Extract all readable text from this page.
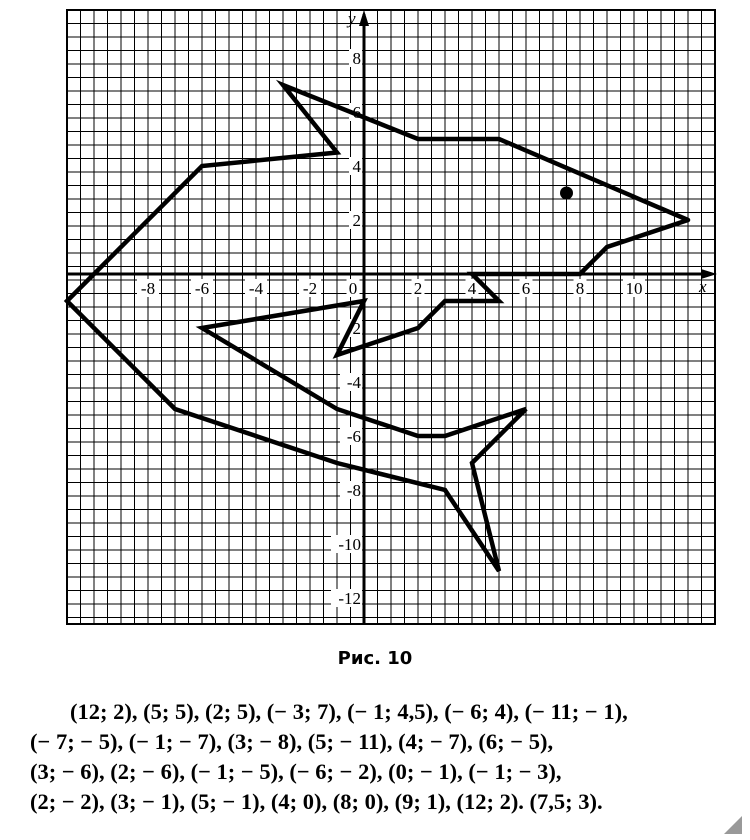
-8 -6 -4 -2 0	2	4	6	8 10
8
6
4
2
-2
-4
-6
-8
-10
-12
x
y
Рис. 10
(12; 2), (5; 5), (2; 5), (− 3; 7), (− 1; 4,5), (− 6; 4), (− 11; − 1),
(− 7; − 5), (− 1; − 7), (3; − 8), (5; − 11), (4; − 7), (6; − 5),
(3; − 6), (2; − 6), (− 1; − 5), (− 6; − 2), (0; − 1), (− 1; − 3),
(2; − 2), (3; − 1), (5; − 1), (4; 0), (8; 0), (9; 1), (12; 2). (7,5; 3).
